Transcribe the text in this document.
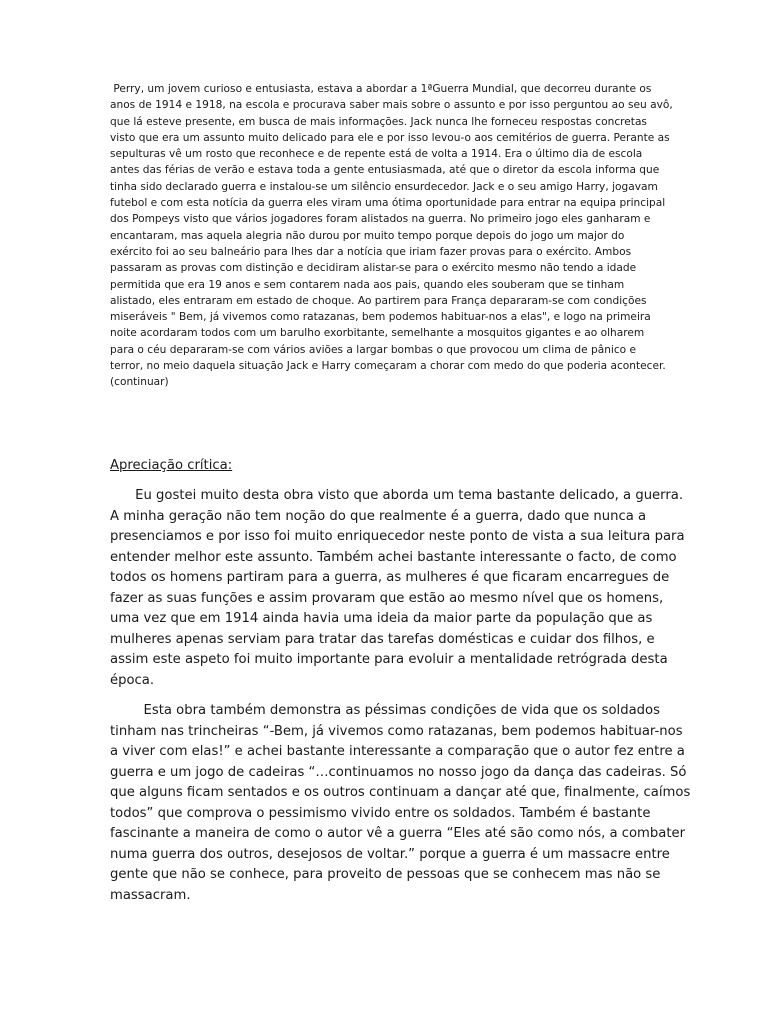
Perry, um jovem curioso e entusiasta, estava a abordar a 1ªGuerra Mundial, que decorreu durante os
anos de 1914 e 1918, na escola e procurava saber mais sobre o assunto e por isso perguntou ao seu avô,
que lá esteve presente, em busca de mais informações. Jack nunca lhe forneceu respostas concretas
visto que era um assunto muito delicado para ele e por isso levou-o aos cemitérios de guerra. Perante as
sepulturas vê um rosto que reconhece e de repente está de volta a 1914. Era o último dia de escola
antes das férias de verão e estava toda a gente entusiasmada, até que o diretor da escola informa que
tinha sido declarado guerra e instalou-se um silêncio ensurdecedor. Jack e o seu amigo Harry, jogavam
futebol e com esta notícia da guerra eles viram uma ótima oportunidade para entrar na equipa principal
dos Pompeys visto que vários jogadores foram alistados na guerra. No primeiro jogo eles ganharam e
encantaram, mas aquela alegria não durou por muito tempo porque depois do jogo um major do
exército foi ao seu balneário para lhes dar a notícia que iriam fazer provas para o exército. Ambos
passaram as provas com distinção e decidiram alistar-se para o exército mesmo não tendo a idade
permitida que era 19 anos e sem contarem nada aos pais, quando eles souberam que se tinham
alistado, eles entraram em estado de choque. Ao partirem para França depararam-se com condições
miseráveis " Bem, já vivemos como ratazanas, bem podemos habituar-nos a elas", e logo na primeira
noite acordaram todos com um barulho exorbitante, semelhante a mosquitos gigantes e ao olharem
para o céu depararam-se com vários aviões a largar bombas o que provocou um clima de pânico e
terror, no meio daquela situação Jack e Harry começaram a chorar com medo do que poderia acontecer.
(continuar)
Apreciação crítica:
Eu gostei muito desta obra visto que aborda um tema bastante delicado, a guerra.
A minha geração não tem noção do que realmente é a guerra, dado que nunca a
presenciamos e por isso foi muito enriquecedor neste ponto de vista a sua leitura para
entender melhor este assunto. Também achei bastante interessante o facto, de como
todos os homens partiram para a guerra, as mulheres é que ficaram encarregues de
fazer as suas funções e assim provaram que estão ao mesmo nível que os homens,
uma vez que em 1914 ainda havia uma ideia da maior parte da população que as
mulheres apenas serviam para tratar das tarefas domésticas e cuidar dos filhos, e
assim este aspeto foi muito importante para evoluir a mentalidade retrógrada desta
época.
Esta obra também demonstra as péssimas condições de vida que os soldados
tinham nas trincheiras “-Bem, já vivemos como ratazanas, bem podemos habituar-nos
a viver com elas!” e achei bastante interessante a comparação que o autor fez entre a
guerra e um jogo de cadeiras “…continuamos no nosso jogo da dança das cadeiras. Só
que alguns ficam sentados e os outros continuam a dançar até que, finalmente, caímos
todos” que comprova o pessimismo vivido entre os soldados. Também é bastante
fascinante a maneira de como o autor vê a guerra “Eles até são como nós, a combater
numa guerra dos outros, desejosos de voltar.” porque a guerra é um massacre entre
gente que não se conhece, para proveito de pessoas que se conhecem mas não se
massacram.
